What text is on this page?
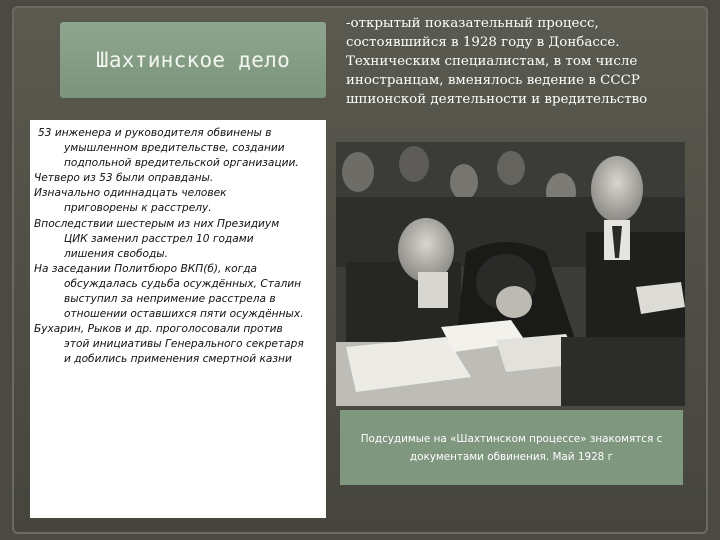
Шахтинское дело
-открытый показательный процесс,
состоявшийся в 1928 году в Донбассе.
Техническим специалистам, в том числе
иностранцам, вменялось ведение в СССР
шпионской деятельности и вредительство
53 инженера и руководителя обвинены в
умышленном вредительстве, создании
подпольной вредительской организации.
Четверо из 53 были оправданы.
Изначально одиннадцать человек
приговорены к расстрелу.
Впоследствии шестерым из них Президиум
ЦИК заменил расстрел 10 годами
лишения свободы.
На заседании Политбюро ВКП(б), когда
обсуждалась судьба осуждённых, Сталин
выступил за непримение расстрела в
отношении оставшихся пяти осуждённых.
Бухарин, Рыков и др. проголосовали против
этой инициативы Генерального секретаря
и добились применения смертной казни
Подсудимые на «Шахтинском процессе» знакомятся с
документами обвинения. Май 1928 г
